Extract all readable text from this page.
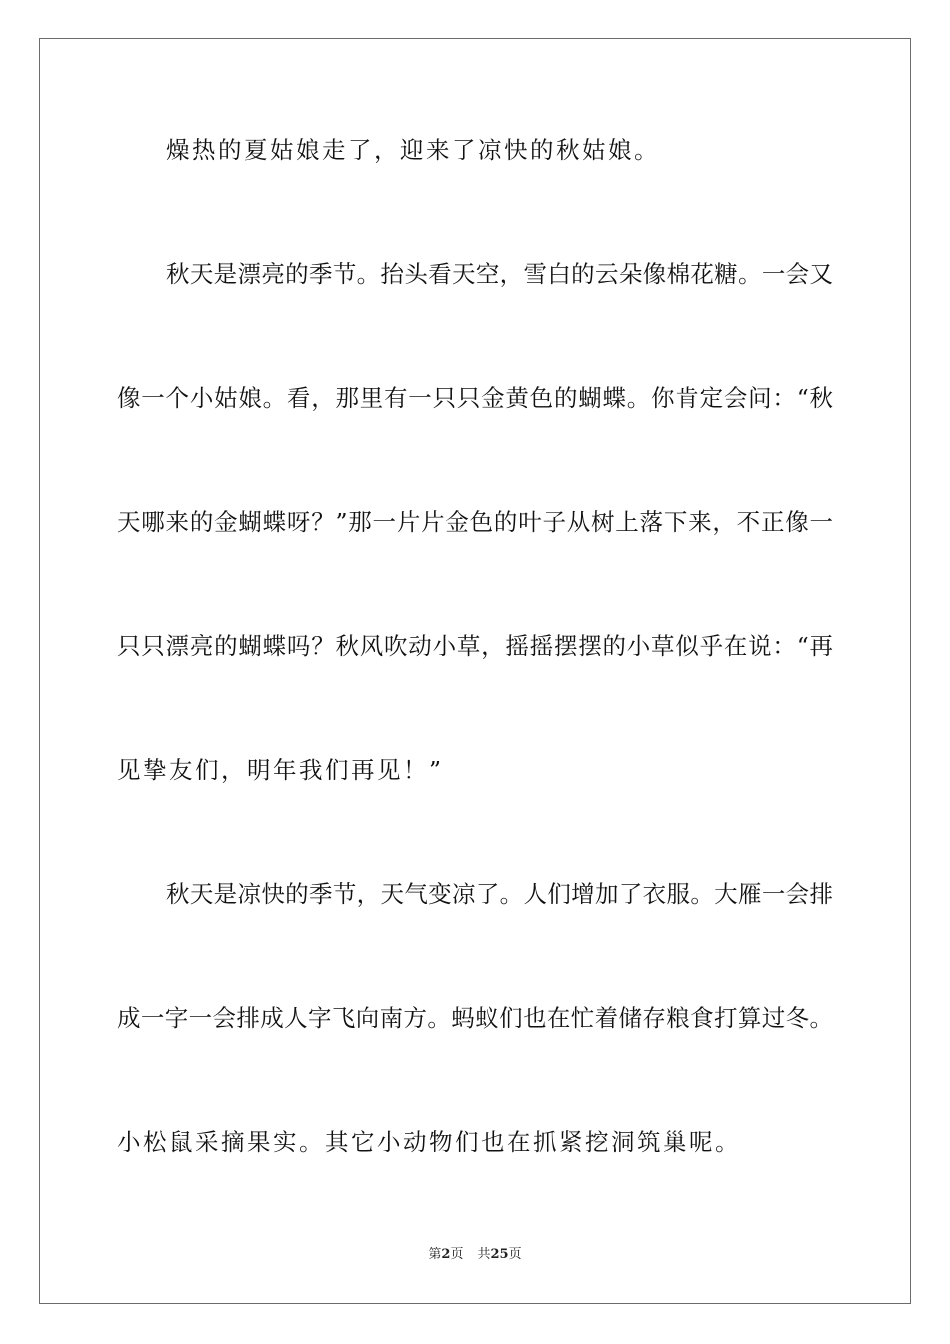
燥热的夏姑娘走了，迎来了凉快的秋姑娘。
秋天是漂亮的季节。抬头看天空，雪白的云朵像棉花糖。一会又
像一个小姑娘。看，那里有一只只金黄色的蝴蝶。你肯定会问：“秋
天哪来的金蝴蝶呀？”那一片片金色的叶子从树上落下来，不正像一
只只漂亮的蝴蝶吗？秋风吹动小草，摇摇摆摆的小草似乎在说：“再
见挚友们，明年我们再见！”
秋天是凉快的季节，天气变凉了。人们增加了衣服。大雁一会排
成一字一会排成人字飞向南方。蚂蚁们也在忙着储存粮食打算过冬。
小松鼠采摘果实。其它小动物们也在抓紧挖洞筑巢呢。
第2页 共25页
